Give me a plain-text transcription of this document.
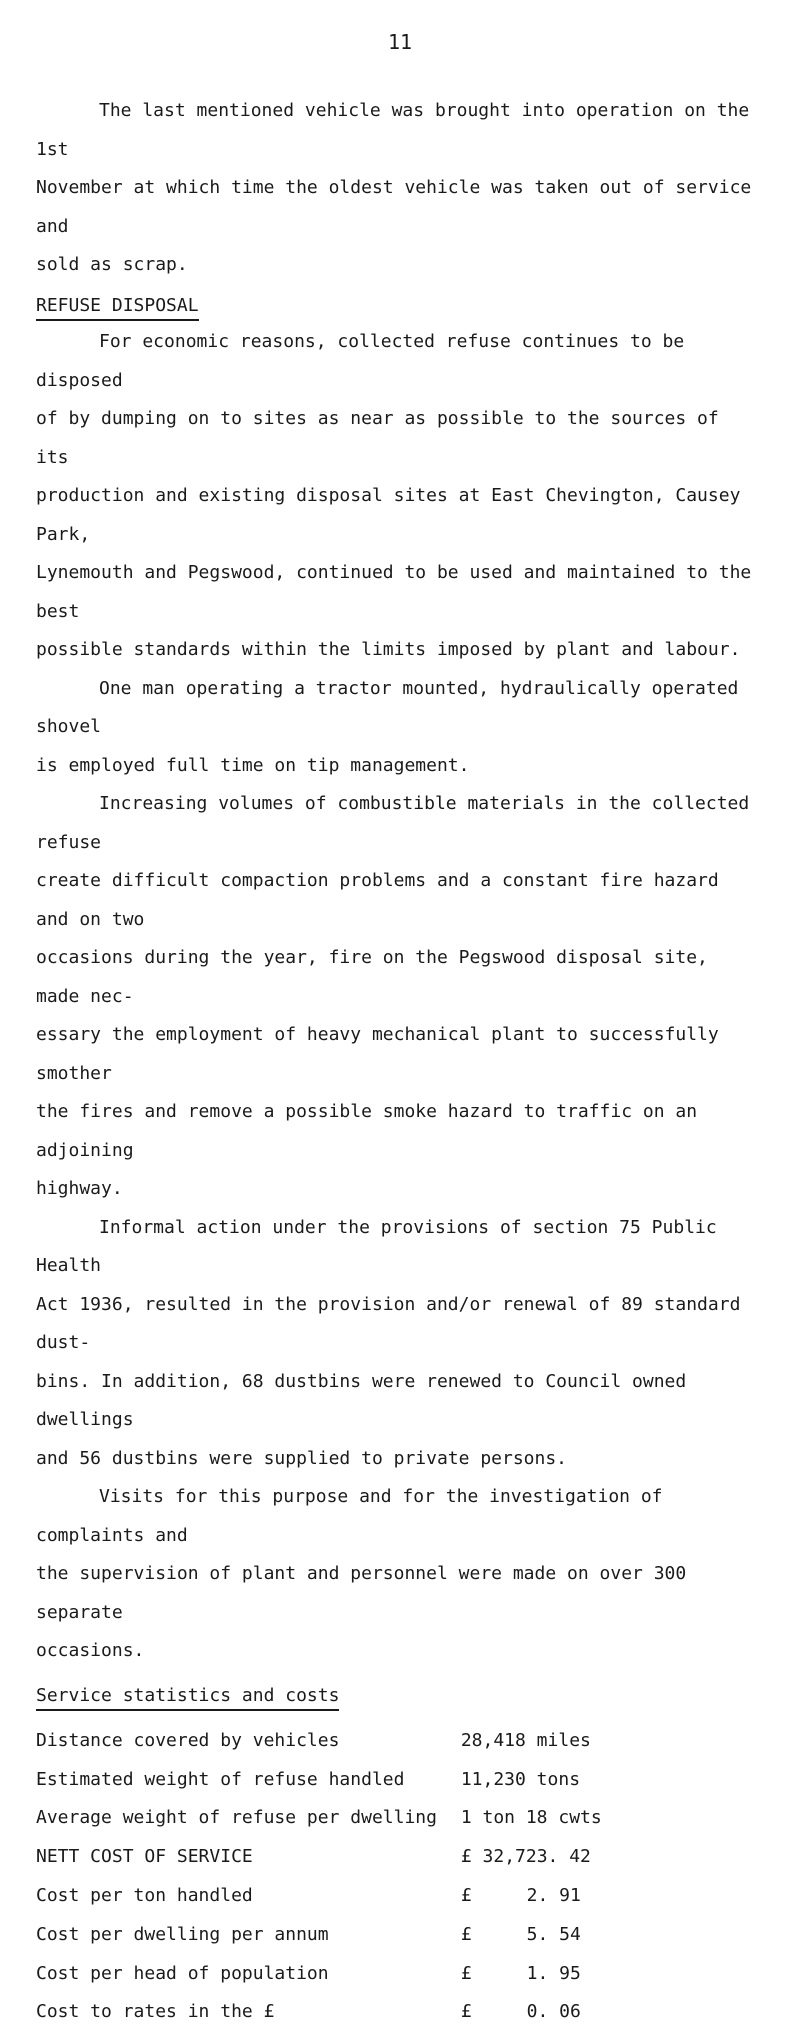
11

The last mentioned vehicle was brought into operation on the 1st

November at which time the oldest vehicle was taken out of service and

sold as scrap.

REFUSE DISPOSAL

For economic reasons, collected refuse continues to be disposed

of by dumping on to sites as near as possible to the sources of its

production and existing disposal sites at East Chevington, Causey Park,

Lynemouth and Pegswood, continued to be used and maintained to the best

possible standards within the limits imposed by plant and labour.

One man operating a tractor mounted, hydraulically operated shovel

is employed full time on tip management.

Increasing volumes of combustible materials in the collected refuse

create difficult compaction problems and a constant fire hazard and on two

occasions during the year, fire on the Pegswood disposal site, made nec-

essary the employment of heavy mechanical plant to successfully smother

the fires and remove a possible smoke hazard to traffic on an adjoining

highway.

Informal action under the provisions of section 75 Public Health

Act 1936, resulted in the provision and/or renewal of 89 standard dust-

bins. In addition, 68 dustbins were renewed to Council owned dwellings

and 56 dustbins were supplied to private persons.

Visits for this purpose and for the investigation of complaints and

the supervision of plant and personnel were made on over 300 separate

occasions.

Service statistics and costs
Distance covered by vehicles	28,418 miles
Estimated weight of refuse handled	11,230 tons
Average weight of refuse per dwelling	1 ton 18 cwts
NETT COST OF SERVICE	£ 32,723. 42
Cost per ton handled	£	2. 91
Cost per dwelling per annum	£	5. 54
Cost per head of population	£	1. 95
Cost to rates in the £	£	0. 06
